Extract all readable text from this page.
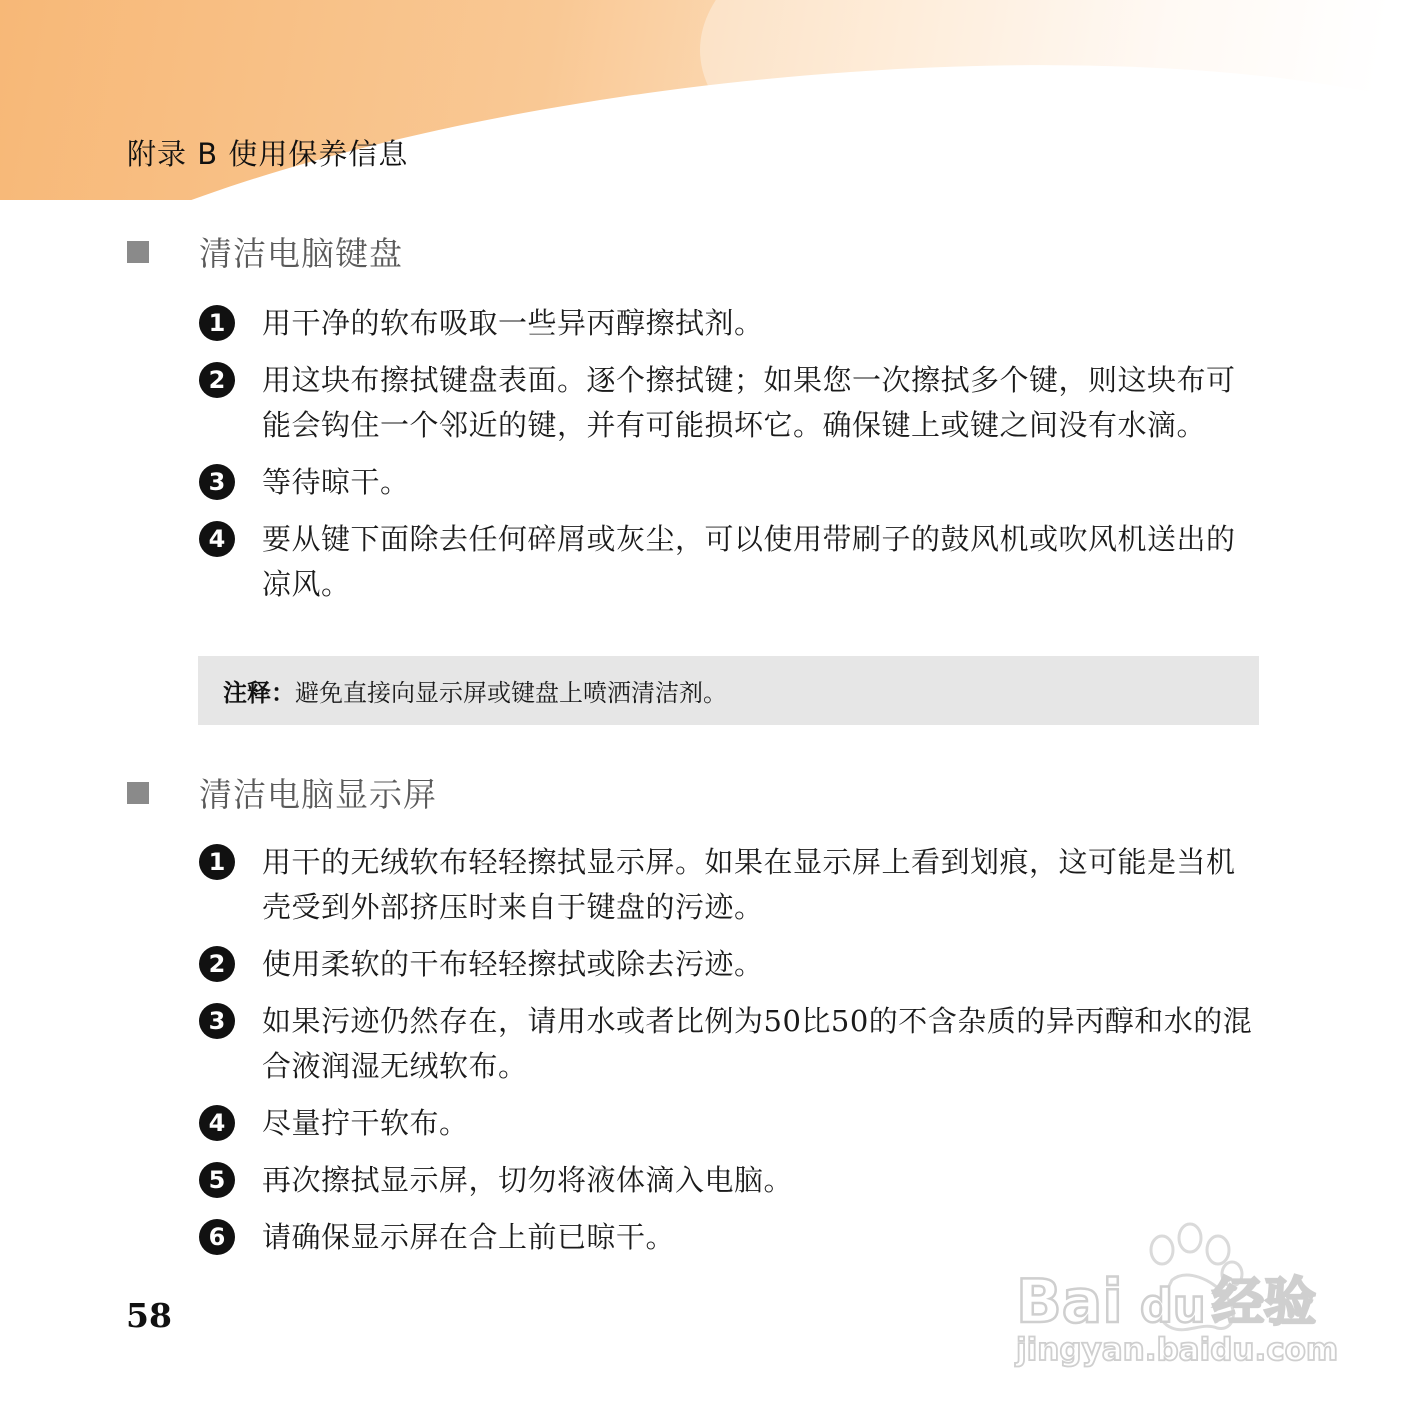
附录 B 使用保养信息
清洁电脑键盘
1	用干净的软布吸取一些异丙醇擦拭剂。
2	用这块布擦拭键盘表面。逐个擦拭键；如果您一次擦拭多个键，则这块布可能会钩住一个邻近的键，并有可能损坏它。确保键上或键之间没有水滴。
3	等待晾干。
4	要从键下面除去任何碎屑或灰尘，可以使用带刷子的鼓风机或吹风机送出的凉风。
注释： 避免直接向显示屏或键盘上喷洒清洁剂。
清洁电脑显示屏
1	用干的无绒软布轻轻擦拭显示屏。如果在显示屏上看到划痕，这可能是当机壳受到外部挤压时来自于键盘的污迹。
2	使用柔软的干布轻轻擦拭或除去污迹。
3	如果污迹仍然存在，请用水或者比例为50比50的不含杂质的异丙醇和水的混合液润湿无绒软布。
4	尽量拧干软布。
5	再次擦拭显示屏，切勿将液体滴入电脑。
6	请确保显示屏在合上前已晾干。
58	Bai du 经验
jingyan.baidu.com
